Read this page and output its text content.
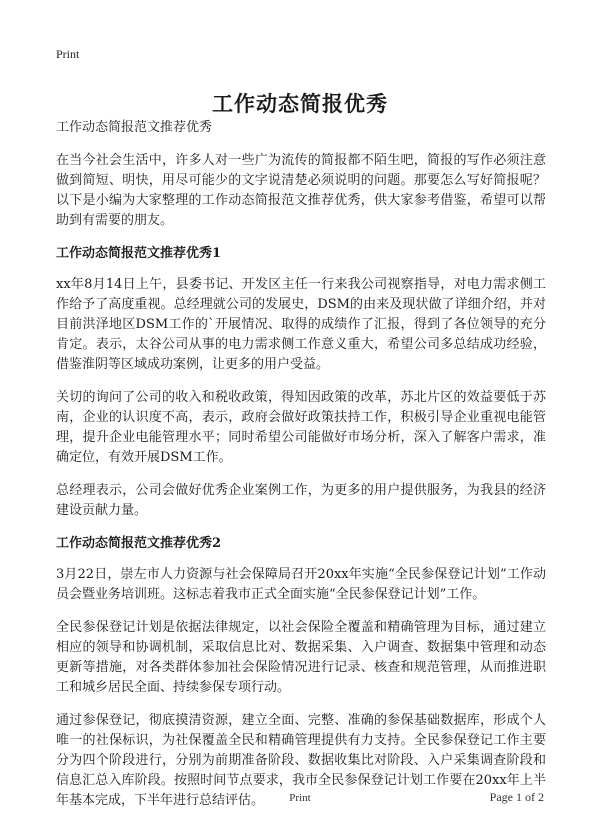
Print
工作动态简报优秀

工作动态简报范文推荐优秀

在当今社会生活中，许多人对一些广为流传的简报都不陌生吧，简报的写作必须注意做到简短、明快，用尽可能少的文字说清楚必须说明的问题。那要怎么写好简报呢？以下是小编为大家整理的工作动态简报范文推荐优秀，供大家参考借鉴，希望可以帮助到有需要的朋友。

工作动态简报范文推荐优秀1

xx年8月14日上午，县委书记、开发区主任一行来我公司视察指导，对电力需求侧工作给予了高度重视。总经理就公司的发展史，DSM的由来及现状做了详细介绍，并对目前洪泽地区DSM工作的`开展情况、取得的成绩作了汇报，得到了各位领导的充分肯定。表示，太谷公司从事的电力需求侧工作意义重大，希望公司多总结成功经验，借鉴淮阴等区域成功案例，让更多的用户受益。

关切的询问了公司的收入和税收政策，得知因政策的改革，苏北片区的效益要低于苏南，企业的认识度不高，表示，政府会做好政策扶持工作，积极引导企业重视电能管理，提升企业电能管理水平；同时希望公司能做好市场分析，深入了解客户需求，准确定位，有效开展DSM工作。

总经理表示，公司会做好优秀企业案例工作，为更多的用户提供服务，为我县的经济建设贡献力量。

工作动态简报范文推荐优秀2

3月22日，崇左市人力资源与社会保障局召开20xx年实施“全民参保登记计划”工作动员会暨业务培训班。这标志着我市正式全面实施“全民参保登记计划”工作。

全民参保登记计划是依据法律规定，以社会保险全覆盖和精确管理为目标，通过建立相应的领导和协调机制，采取信息比对、数据采集、入户调查、数据集中管理和动态更新等措施，对各类群体参加社会保险情况进行记录、核查和规范管理，从而推进职工和城乡居民全面、持续参保专项行动。

通过参保登记，彻底摸清资源，建立全面、完整、准确的参保基础数据库，形成个人唯一的社保标识，为社保覆盖全民和精确管理提供有力支持。全民参保登记工作主要分为四个阶段进行，分别为前期准备阶段、数据收集比对阶段、入户采集调查阶段和信息汇总入库阶段。按照时间节点要求，我市全民参保登记计划工作要在20xx年上半年基本完成，下半年进行总结评估。	Print	Page 1 of 2
